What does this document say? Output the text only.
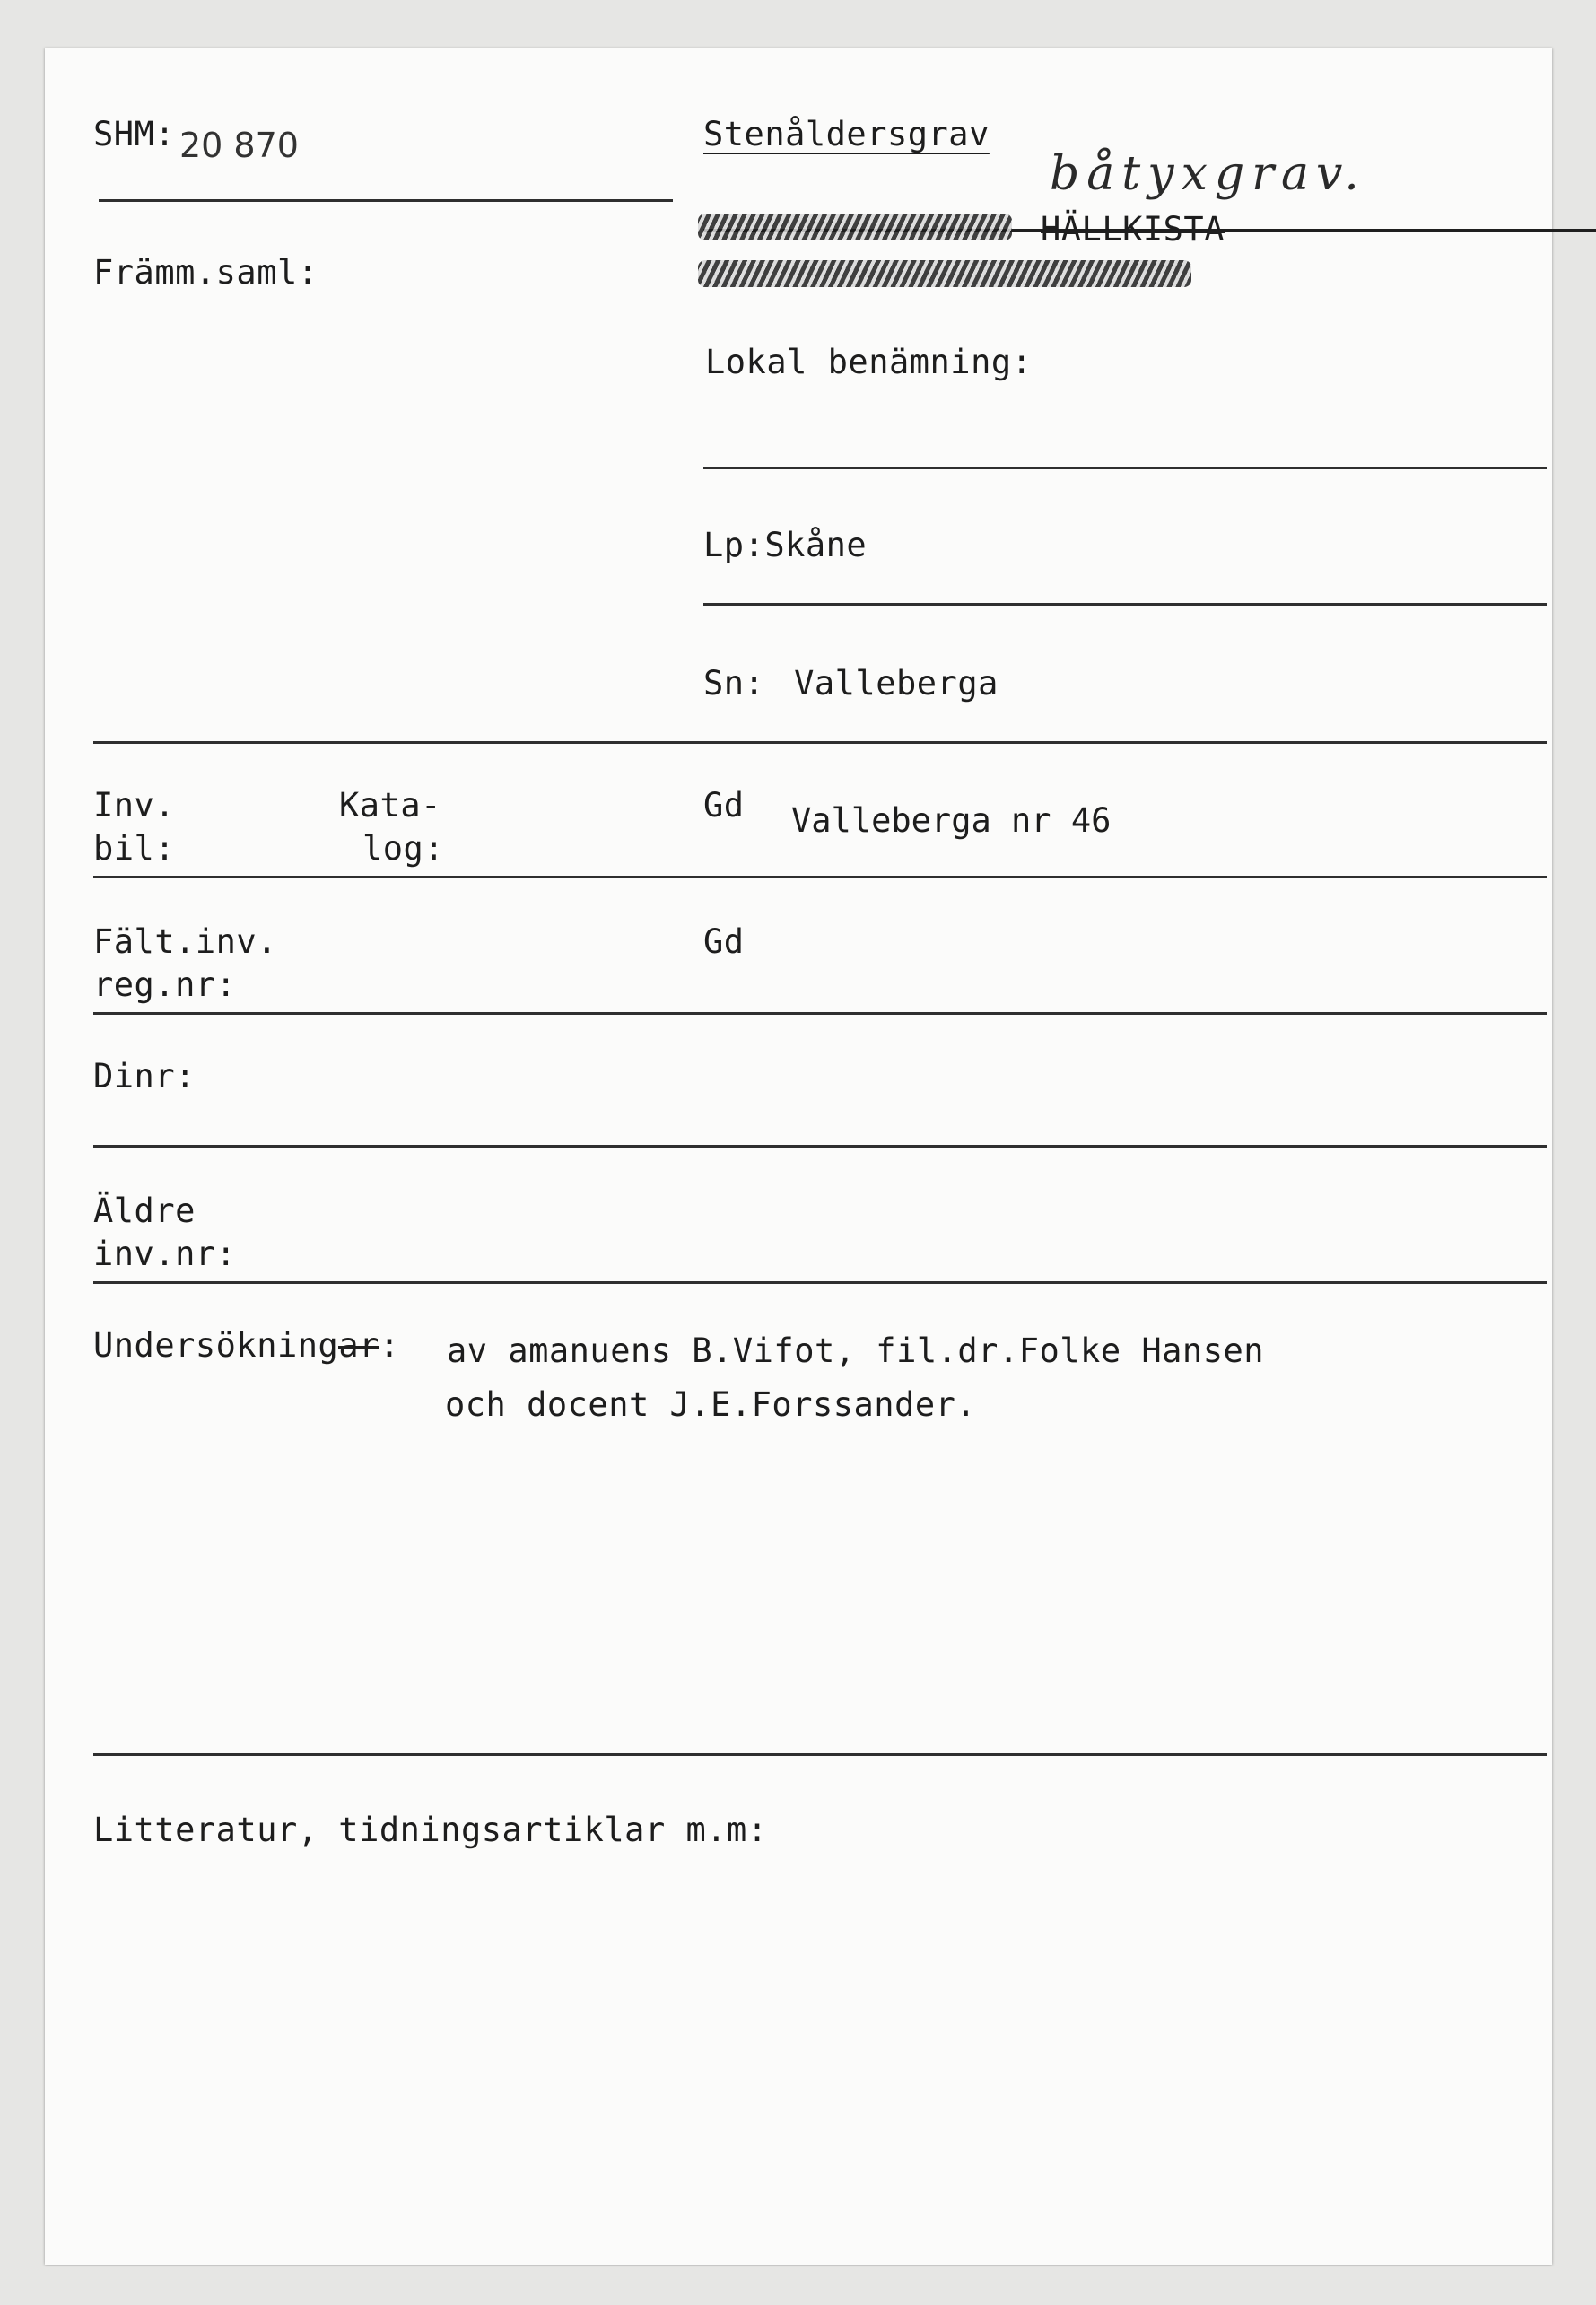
SHM: 20 870
Främm.saml:
Stenåldersgrav
båtyxgrav.
HÄLLKISTA
Lokal benämning:
Lp:Skåne
Sn: Valleberga
Inv.
bil:
Kata-
log:
Gd Valleberga nr 46
Fält.inv.
reg.nr:
Gd
Dinr:
Äldre
inv.nr:
Undersökningar: av amanuens B.Vifot, fil.dr.Folke Hansen
och docent J.E.Forssander.
Litteratur, tidningsartiklar m.m:
